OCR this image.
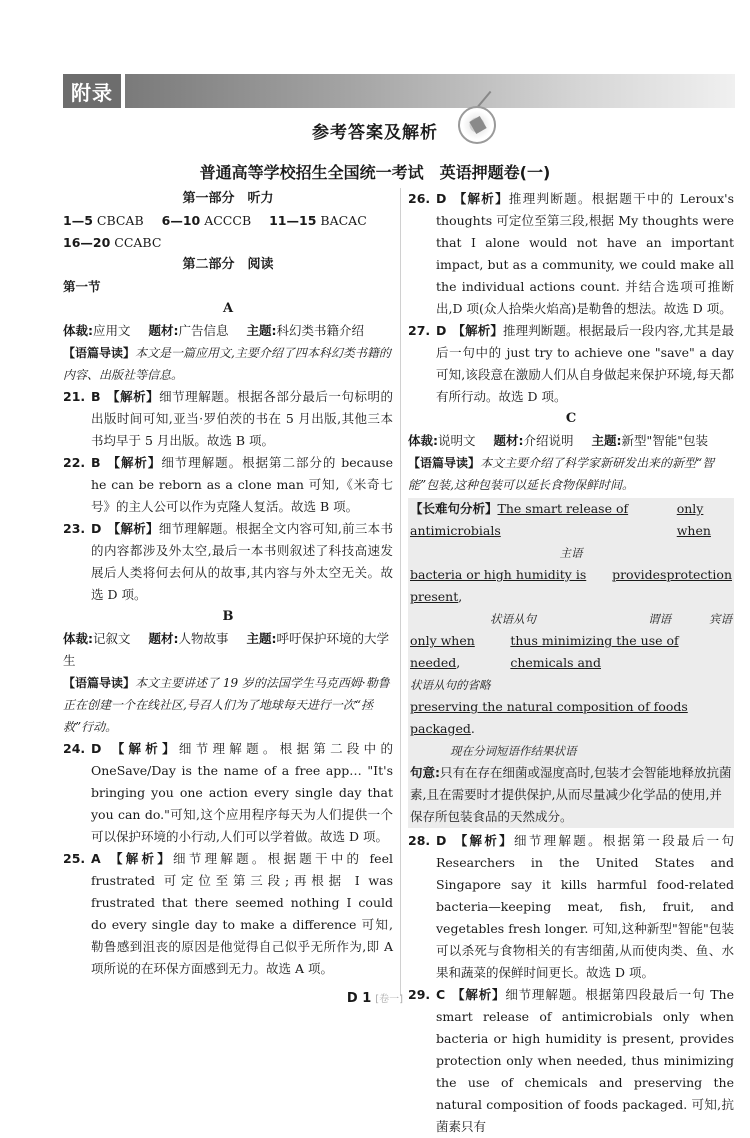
附录
参考答案及解析
普通高等学校招生全国统一考试　英语押题卷(一)
第一部分　听力
1—5 CBCAB 6—10 ACCCB 11—15 BACAC
16—20 CCABC
第二部分　阅读
第一节
A
体裁:应用文 题材:广告信息 主题:科幻类书籍介绍
【语篇导读】本文是一篇应用文,主要介绍了四本科幻类书籍的内容、出版社等信息。
21. B 【解析】细节理解题。根据各部分最后一句标明的出版时间可知,亚当·罗伯茨的书在 5 月出版,其他三本书均早于 5 月出版。故选 B 项。
22. B 【解析】细节理解题。根据第二部分的 because he can be reborn as a clone man 可知,《米奇七号》的主人公可以作为克隆人复活。故选 B 项。
23. D 【解析】细节理解题。根据全文内容可知,前三本书的内容都涉及外太空,最后一本书则叙述了科技高速发展后人类将何去何从的故事,其内容与外太空无关。故选 D 项。
B
体裁:记叙文 题材:人物故事 主题:呼吁保护环境的大学生
【语篇导读】本文主要讲述了 19 岁的法国学生马克西姆·勒鲁正在创建一个在线社区,号召人们为了地球每天进行一次“拯救”行动。
24. D 【解析】细节理解题。根据第二段中的 OneSave/Day is the name of a free app… "It's bringing you one action every single day that you can do."可知,这个应用程序每天为人们提供一个可以保护环境的小行动,人们可以学着做。故选 D 项。
25. A 【解析】细节理解题。根据题干中的 feel frustrated 可定位至第三段;再根据 I was frustrated that there seemed nothing I could do every single day to make a difference 可知,勒鲁感到沮丧的原因是他觉得自己似乎无所作为,即 A 项所说的在环保方面感到无力。故选 A 项。
26. D 【解析】推理判断题。根据题干中的 Leroux's thoughts 可定位至第三段,根据 My thoughts were that I alone would not have an important impact, but as a community, we could make all the individual actions count. 并结合选项可推断出,D 项(众人拾柴火焰高)是勒鲁的想法。故选 D 项。
27. D 【解析】推理判断题。根据最后一段内容,尤其是最后一句中的 just try to achieve one "save" a day 可知,该段意在激励人们从自身做起来保护环境,每天都有所行动。故选 D 项。
C
体裁:说明文 题材:介绍说明 主题:新型"智能"包装
【语篇导读】本文主要介绍了科学家新研发出来的新型“智能”包装,这种包装可以延长食物保鲜时间。
【长难句分析】The smart release of antimicrobials
only when
主语
bacteria or high humidity is present,
provides protection
状语从句	谓语	宾语
only when needed,
thus minimizing the use of chemicals and
状语从句的省略
preserving the natural composition of foods packaged.
现在分词短语作结果状语
句意:只有在存在细菌或湿度高时,包装才会智能地释放抗菌素,且在需要时才提供保护,从而尽量减少化学品的使用,并保存所包装食品的天然成分。
28. D 【解析】细节理解题。根据第一段最后一句 Researchers in the United States and Singapore say it kills harmful food-related bacteria—keeping meat, fish, fruit, and vegetables fresh longer. 可知,这种新型"智能"包装可以杀死与食物相关的有害细菌,从而使肉类、鱼、水果和蔬菜的保鲜时间更长。故选 D 项。
29. C 【解析】细节理解题。根据第四段最后一句 The smart release of antimicrobials only when bacteria or high humidity is present, provides protection only when needed, thus minimizing the use of chemicals and preserving the natural composition of foods packaged. 可知,抗菌素只有
D 1 [卷一]
